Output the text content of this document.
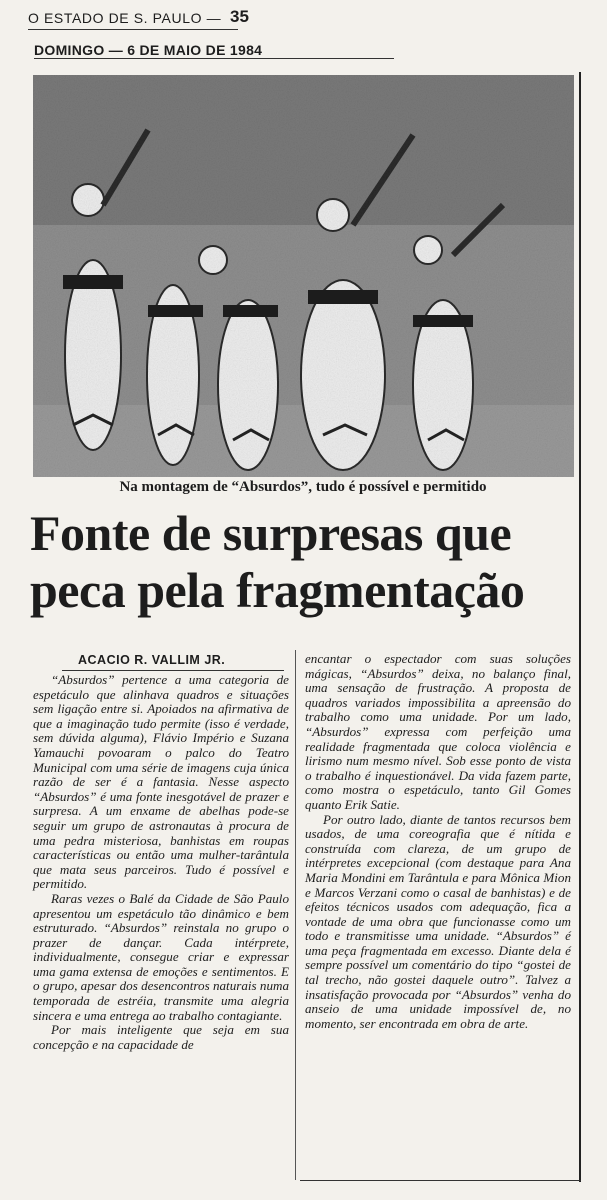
O ESTADO DE S. PAULO — 35
DOMINGO — 6 DE MAIO DE 1984
Na montagem de “Absurdos”, tudo é possível e permitido
Fonte de surpresas que
peca pela fragmentação
ACACIO R. VALLIM JR.

“Absurdos” pertence a uma categoria de espetáculo que alinhava quadros e situações sem ligação entre si. Apoiados na afirmativa de que a imaginação tudo permite (isso é verdade, sem dúvida alguma), Flávio Império e Suzana Yamauchi povoaram o palco do Teatro Municipal com uma série de imagens cuja única razão de ser é a fantasia. Nesse aspecto “Absurdos” é uma fonte inesgotável de prazer e surpresa. A um enxame de abelhas pode-se seguir um grupo de astronautas à procura de uma pedra misteriosa, banhistas em roupas características ou então uma mulher-tarântula que mata seus parceiros. Tudo é possível e permitido.

Raras vezes o Balé da Cidade de São Paulo apresentou um espetáculo tão dinâmico e bem estruturado. “Absurdos” reinstala no grupo o prazer de dançar. Cada intérprete, individualmente, consegue criar e expressar uma gama extensa de emoções e sentimentos. E o grupo, apesar dos desencontros naturais numa temporada de estréia, transmite uma alegria sincera e uma entrega ao trabalho contagiante.

Por mais inteligente que seja em sua concepção e na capacidade de

encantar o espectador com suas soluções mágicas, “Absurdos” deixa, no balanço final, uma sensação de frustração. A proposta de quadros variados impossibilita a apreensão do trabalho como uma unidade. Por um lado, “Absurdos” expressa com perfeição uma realidade fragmentada que coloca violência e lirismo num mesmo nível. Sob esse ponto de vista o trabalho é inquestionável. Da vida fazem parte, como mostra o espetáculo, tanto Gil Gomes quanto Erik Satie.

Por outro lado, diante de tantos recursos bem usados, de uma coreografia que é nítida e construída com clareza, de um grupo de intérpretes excepcional (com destaque para Ana Maria Mondini em Tarântula e para Mônica Mion e Marcos Verzani como o casal de banhistas) e de efeitos técnicos usados com adequação, fica a vontade de uma obra que funcionasse como um todo e transmitisse uma unidade. “Absurdos” é uma peça fragmentada em excesso. Diante dela é sempre possível um comentário do tipo “gostei de tal trecho, não gostei daquele outro”. Talvez a insatisfação provocada por “Absurdos” venha do anseio de uma unidade impossível de, no momento, ser encontrada em obra de arte.
